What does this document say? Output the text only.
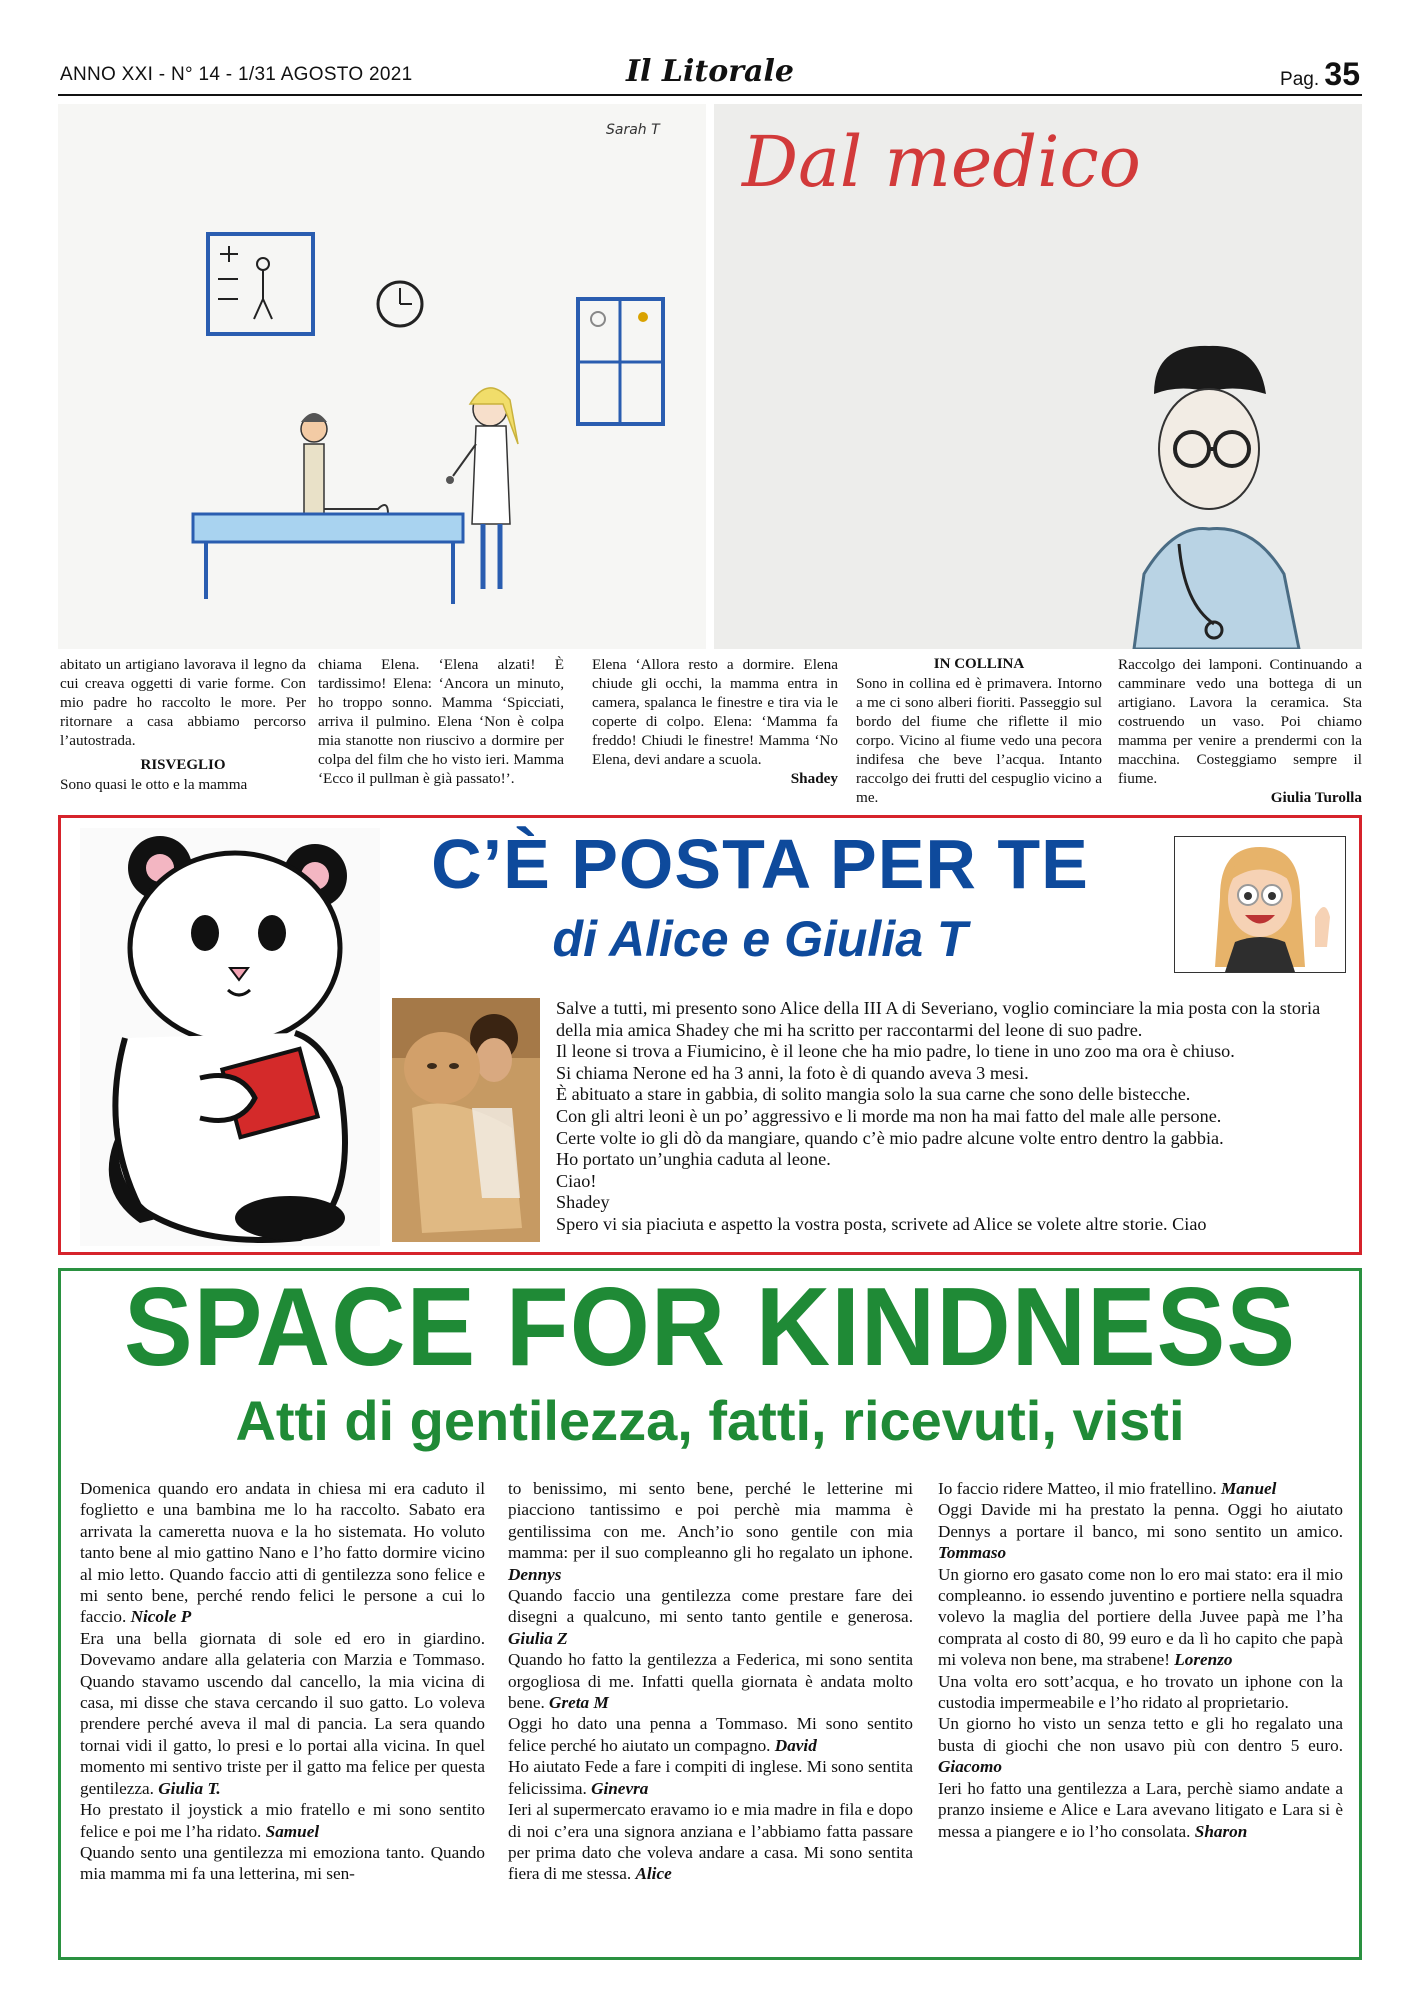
ANNO XXI - N° 14 - 1/31 AGOSTO 2021	Il Litorale	Pag. 35
Sarah T Dal medico

abitato un artigiano lavorava il legno da cui creava oggetti di varie forme. Con mio padre ho raccolto le more. Per ritornare a casa abbiamo percorso l’autostrada.

RISVEGLIO

Sono quasi le otto e la mamma

chiama Elena. ‘Elena alzati! È tardissimo! Elena: ‘Ancora un minuto, ho troppo sonno. Mamma ‘Spicciati, arriva il pulmino. Elena ‘Non è colpa mia stanotte non riuscivo a dormire per colpa del film che ho visto ieri. Mamma ‘Ecco il pullman è già passato!’.

Elena ‘Allora resto a dormire. Elena chiude gli occhi, la mamma entra in camera, spalanca le finestre e tira via le coperte di colpo. Elena: ‘Mamma fa freddo! Chiudi le finestre! Mamma ‘No Elena, devi andare a scuola.

Shadey

IN COLLINA

Sono in collina ed è primavera. Intorno a me ci sono alberi fioriti. Passeggio sul bordo del fiume che riflette il mio corpo. Vicino al fiume vedo una pecora indifesa che beve l’acqua. Intanto raccolgo dei frutti del cespuglio vicino a me.

Raccolgo dei lamponi. Continuando a camminare vedo una bottega di un artigiano. Lavora la ceramica. Sta costruendo un vaso. Poi chiamo mamma per venire a prendermi con la macchina. Costeggiamo sempre il fiume.

Giulia Turolla

C’È POSTA PER TE
di Alice e Giulia T

Salve a tutti, mi presento sono Alice della III A di Severiano, voglio cominciare la mia posta con la storia della mia amica Shadey che mi ha scritto per raccontarmi del leone di suo padre.

Il leone si trova a Fiumicino, è il leone che ha mio padre, lo tiene in uno zoo ma ora è chiuso.

Si chiama Nerone ed ha 3 anni, la foto è di quando aveva 3 mesi.

È abituato a stare in gabbia, di solito mangia solo la sua carne che sono delle bistecche.

Con gli altri leoni è un po’ aggressivo e li morde ma non ha mai fatto del male alle persone.

Certe volte io gli dò da mangiare, quando c’è mio padre alcune volte entro dentro la gabbia.

Ho portato un’unghia caduta al leone.

Ciao!

Shadey

Spero vi sia piaciuta e aspetto la vostra posta, scrivete ad Alice se volete altre storie. Ciao

SPACE FOR KINDNESS
Atti di gentilezza, fatti, ricevuti, visti

Domenica quando ero andata in chiesa mi era caduto il foglietto e una bambina me lo ha raccolto. Sabato era arrivata la cameretta nuova e la ho sistemata. Ho voluto tanto bene al mio gattino Nano e l’ho fatto dormire vicino al mio letto. Quando faccio atti di gentilezza sono felice e mi sento bene, perché rendo felici le persone a cui lo faccio. Nicole P

Era una bella giornata di sole ed ero in giardino. Dovevamo andare alla gelateria con Marzia e Tommaso. Quando stavamo uscendo dal cancello, la mia vicina di casa, mi disse che stava cercando il suo gatto. Lo voleva prendere perché aveva il mal di pancia. La sera quando tornai vidi il gatto, lo presi e lo portai alla vicina. In quel momento mi sentivo triste per il gatto ma felice per questa gentilezza. Giulia T.

Ho prestato il joystick a mio fratello e mi sono sentito felice e poi me l’ha ridato. Samuel

Quando sento una gentilezza mi emoziona tanto. Quando mia mamma mi fa una letterina, mi sen-

to benissimo, mi sento bene, perché le letterine mi piacciono tantissimo e poi perchè mia mamma è gentilissima con me. Anch’io sono gentile con mia mamma: per il suo compleanno gli ho regalato un iphone. Dennys

Quando faccio una gentilezza come prestare fare dei disegni a qualcuno, mi sento tanto gentile e generosa. Giulia Z

Quando ho fatto la gentilezza a Federica, mi sono sentita orgogliosa di me. Infatti quella giornata è andata molto bene. Greta M

Oggi ho dato una penna a Tommaso. Mi sono sentito felice perché ho aiutato un compagno. David

Ho aiutato Fede a fare i compiti di inglese. Mi sono sentita felicissima. Ginevra

Ieri al supermercato eravamo io e mia madre in fila e dopo di noi c’era una signora anziana e l’abbiamo fatta passare per prima dato che voleva andare a casa. Mi sono sentita fiera di me stessa. Alice

Io faccio ridere Matteo, il mio fratellino. Manuel

Oggi Davide mi ha prestato la penna. Oggi ho aiutato Dennys a portare il banco, mi sono sentito un amico. Tommaso

Un giorno ero gasato come non lo ero mai stato: era il mio compleanno. io essendo juventino e portiere nella squadra volevo la maglia del portiere della Juvee papà me l’ha comprata al costo di 80, 99 euro e da lì ho capito che papà mi voleva non bene, ma strabene! Lorenzo

Una volta ero sott’acqua, e ho trovato un iphone con la custodia impermeabile e l’ho ridato al proprietario.

Un giorno ho visto un senza tetto e gli ho regalato una busta di giochi che non usavo più con dentro 5 euro. Giacomo

Ieri ho fatto una gentilezza a Lara, perchè siamo andate a pranzo insieme e Alice e Lara avevano litigato e Lara si è messa a piangere e io l’ho consolata. Sharon
